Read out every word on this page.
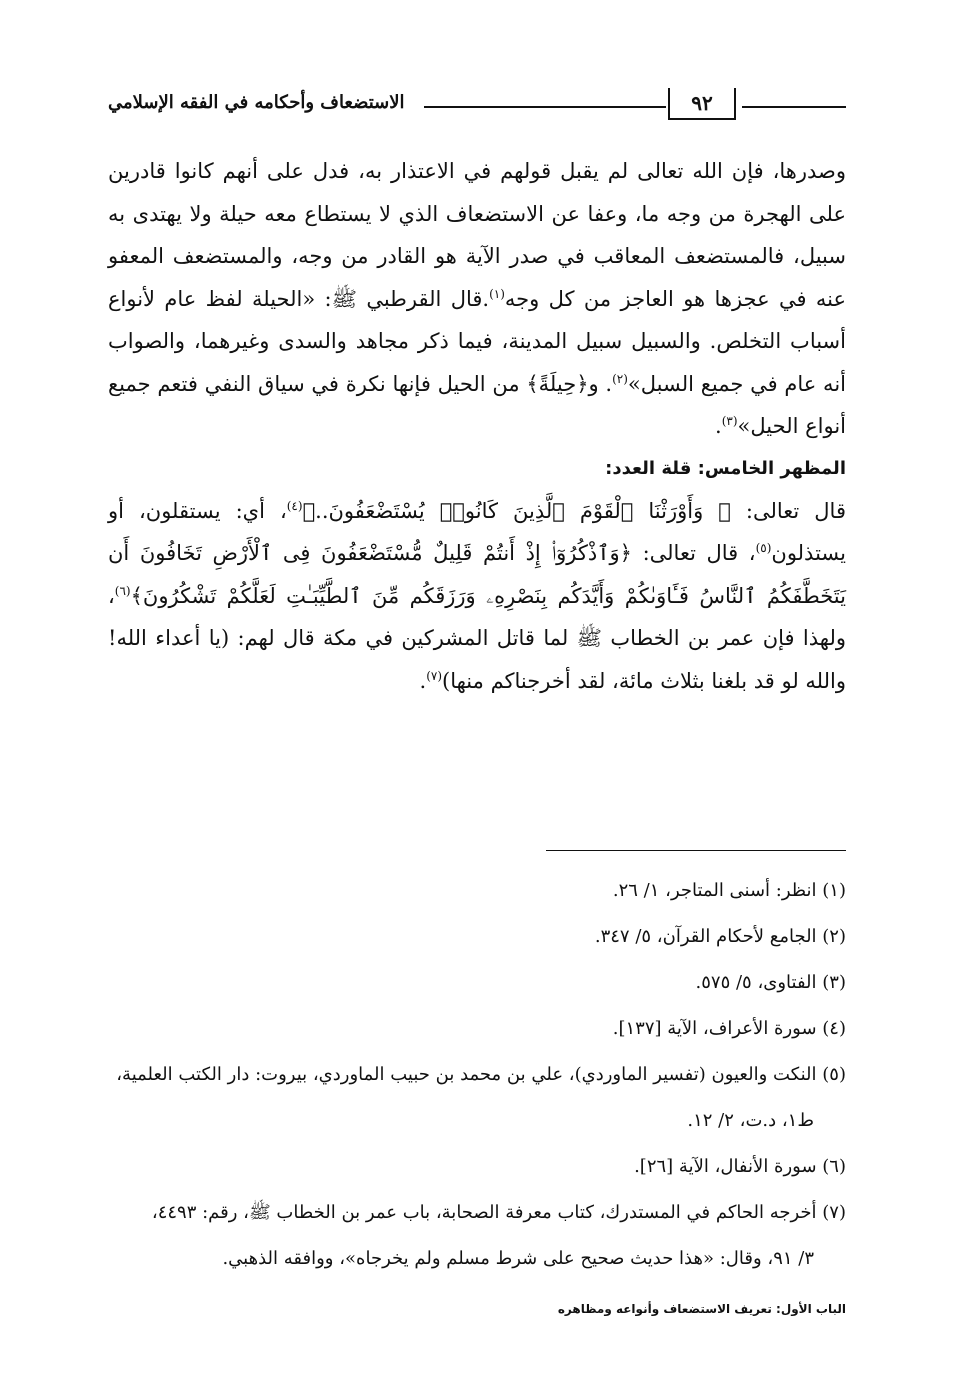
٩٢
الاستضعاف وأحكامه في الفقه الإسلامي

وصدرها، فإن الله تعالى لم يقبل قولهم في الاعتذار به، فدل على أنهم كانوا قادرين على الهجرة من وجه ما، وعفا عن الاستضعاف الذي لا يستطاع معه حيلة ولا يهتدى به سبيل، فالمستضعف المعاقب في صدر الآية هو القادر من وجه، والمستضعف المعفو عنه في عجزها هو العاجز من كل وجه$^{(١)}$.قال القرطبي ﷺ: «الحيلة لفظ عام لأنواع أسباب التخلص. والسبيل سبيل المدينة، فيما ذكر مجاهد والسدى وغيرهما، والصواب أنه عام في جميع السبل»$^{(٢)}$. و﴿حِيلَةً﴾ من الحيل فإنها نكرة في سياق النفي فتعم جميع أنواع الحيل»$^{(٣)}$.

المظهر الخامس: قلة العدد:

قال تعالى: ﴿ وَأَوْرَثْنَا ٱلْقَوْمَ ٱلَّذِينَ كَانُوا۟ يُسْتَضْعَفُونَ..﴾$^{(٤)}$، أي: يستقلون، أو يستذلون$^{(٥)}$، قال تعالى: ﴿وَٱذْكُرُوٓا۟ إِذْ أَنتُمْ قَلِيلٌ مُّسْتَضْعَفُونَ فِى ٱلْأَرْضِ تَخَافُونَ أَن يَتَخَطَّفَكُمُ ٱلنَّاسُ فَـَٔاوَىٰكُمْ وَأَيَّدَكُم بِنَصْرِهِۦ وَرَزَقَكُم مِّنَ ٱلطَّيِّبَـٰتِ لَعَلَّكُمْ تَشْكُرُونَ﴾$^{(٦)}$، ولهذا فإن عمر بن الخطاب ﷺ لما قاتل المشركين في مكة قال لهم: (يا أعداء الله! والله لو قد بلغنا بثلاث مائة، لقد أخرجناكم منها)$^{(٧)}$.

(١) انظر: أسنى المتاجر، ١/ ٢٦.

(٢) الجامع لأحكام القرآن، ٥/ ٣٤٧.

(٣) الفتاوى، ٥/ ٥٧٥.

(٤) سورة الأعراف، الآية [١٣٧].

(٥) النكت والعيون (تفسير الماوردي)، علي بن محمد بن حبيب الماوردي، بيروت: دار الكتب العلمية،

ط١، د.ت، ٢/ ١٢.

(٦) سورة الأنفال، الآية [٢٦].

(٧) أخرجه الحاكم في المستدرك، كتاب معرفة الصحابة، باب عمر بن الخطاب ﷺ، رقم: ٤٤٩٣،

٣/ ٩١، وقال: «هذا حديث صحيح على شرط مسلم ولم يخرجاه»، ووافقه الذهبي.

الباب الأول: تعريف الاستضعاف وأنواعه ومظاهره
